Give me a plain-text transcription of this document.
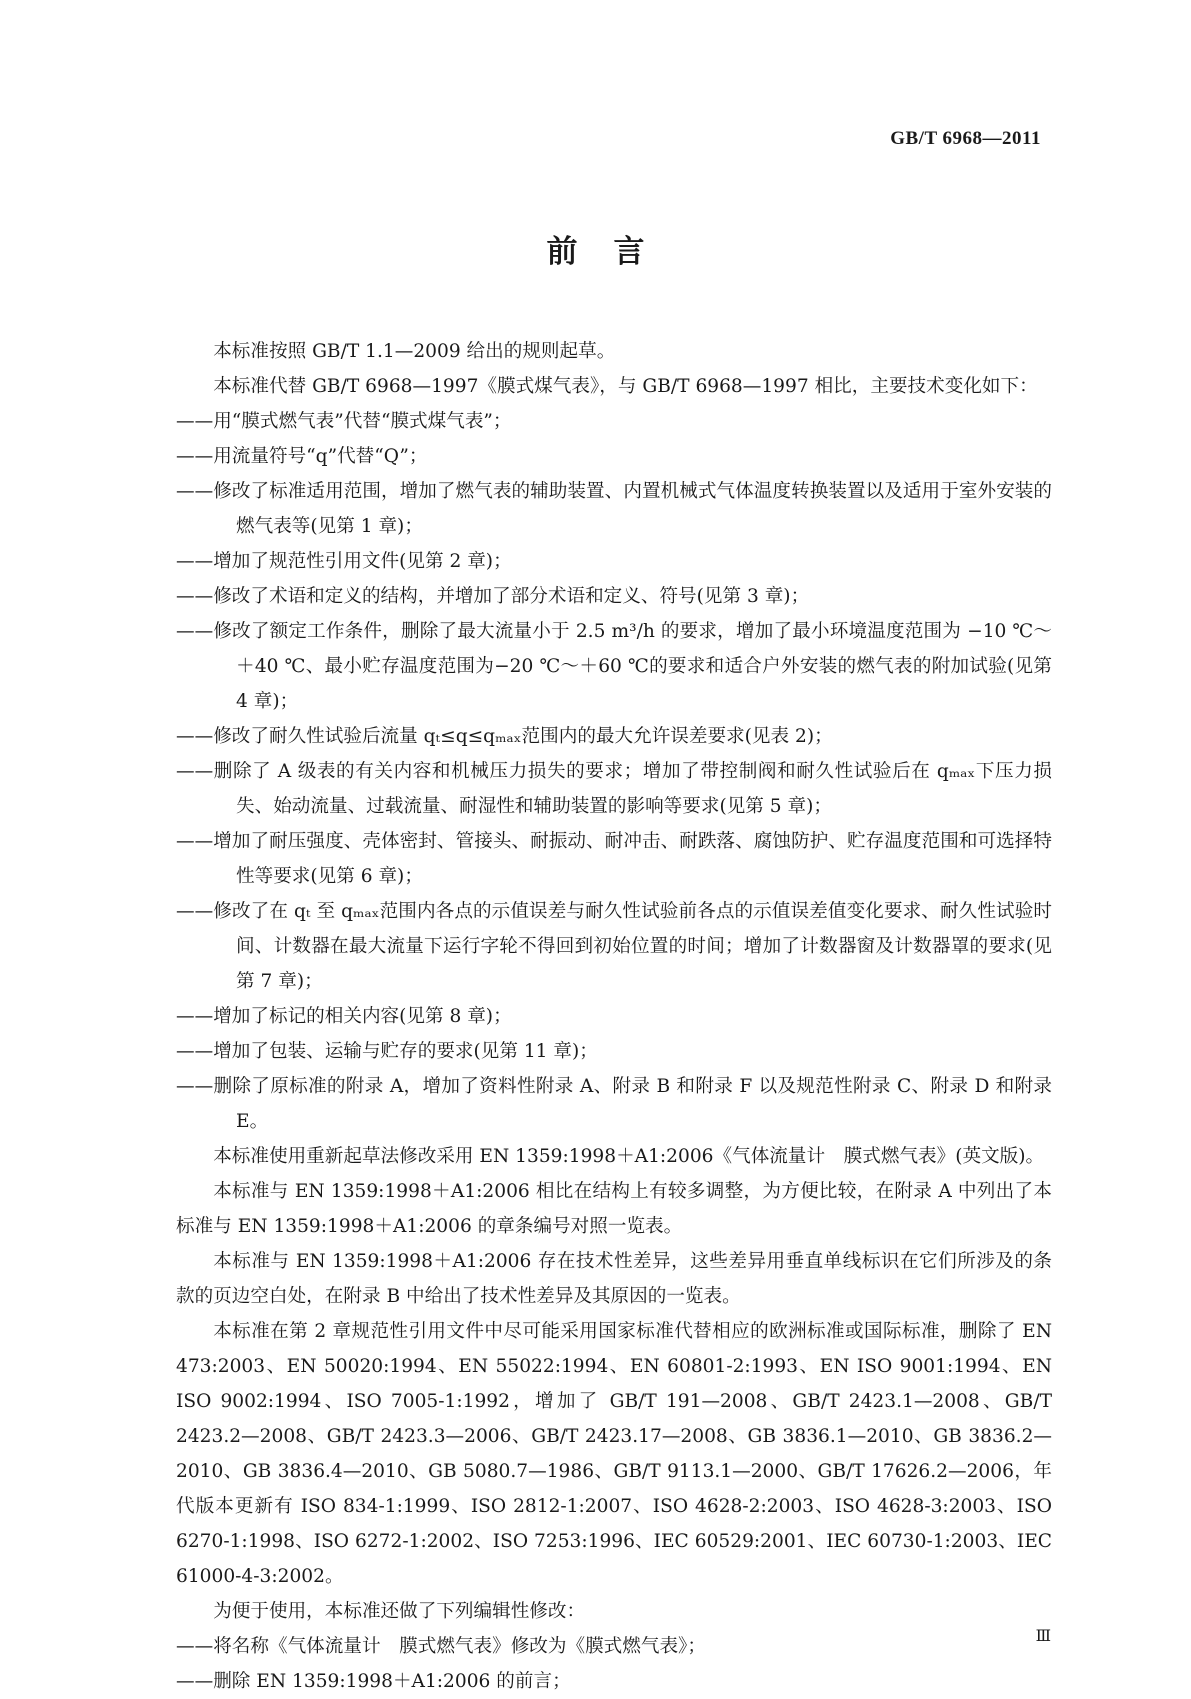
GB/T 6968—2011
前言

本标准按照 GB/T 1.1—2009 给出的规则起草。

本标准代替 GB/T 6968—1997《膜式煤气表》，与 GB/T 6968—1997 相比，主要技术变化如下：

——用“膜式燃气表”代替“膜式煤气表”；

——用流量符号“q”代替“Q”；

——修改了标准适用范围，增加了燃气表的辅助装置、内置机械式气体温度转换装置以及适用于室外安装的燃气表等(见第 1 章)；

——增加了规范性引用文件(见第 2 章)；

——修改了术语和定义的结构，并增加了部分术语和定义、符号(见第 3 章)；

——修改了额定工作条件，删除了最大流量小于 2.5 m³/h 的要求，增加了最小环境温度范围为 −10 ℃～＋40 ℃、最小贮存温度范围为−20 ℃～＋60 ℃的要求和适合户外安装的燃气表的附加试验(见第 4 章)；

——修改了耐久性试验后流量 qₜ≤q≤qₘₐₓ范围内的最大允许误差要求(见表 2)；

——删除了 A 级表的有关内容和机械压力损失的要求；增加了带控制阀和耐久性试验后在 qₘₐₓ下压力损失、始动流量、过载流量、耐湿性和辅助装置的影响等要求(见第 5 章)；

——增加了耐压强度、壳体密封、管接头、耐振动、耐冲击、耐跌落、腐蚀防护、贮存温度范围和可选择特性等要求(见第 6 章)；

——修改了在 qₜ 至 qₘₐₓ范围内各点的示值误差与耐久性试验前各点的示值误差值变化要求、耐久性试验时间、计数器在最大流量下运行字轮不得回到初始位置的时间；增加了计数器窗及计数器罩的要求(见第 7 章)；

——增加了标记的相关内容(见第 8 章)；

——增加了包装、运输与贮存的要求(见第 11 章)；

——删除了原标准的附录 A，增加了资料性附录 A、附录 B 和附录 F 以及规范性附录 C、附录 D 和附录 E。

本标准使用重新起草法修改采用 EN 1359:1998＋A1:2006《气体流量计　膜式燃气表》(英文版)。

本标准与 EN 1359:1998＋A1:2006 相比在结构上有较多调整，为方便比较，在附录 A 中列出了本标准与 EN 1359:1998＋A1:2006 的章条编号对照一览表。

本标准与 EN 1359:1998＋A1:2006 存在技术性差异，这些差异用垂直单线标识在它们所涉及的条款的页边空白处，在附录 B 中给出了技术性差异及其原因的一览表。

本标准在第 2 章规范性引用文件中尽可能采用国家标准代替相应的欧洲标准或国际标准，删除了 EN 473:2003、EN 50020:1994、EN 55022:1994、EN 60801-2:1993、EN ISO 9001:1994、EN ISO 9002:1994、ISO 7005-1:1992，增加了 GB/T 191—2008、GB/T 2423.1—2008、GB/T 2423.2—2008、GB/T 2423.3—2006、GB/T 2423.17—2008、GB 3836.1—2010、GB 3836.2—2010、GB 3836.4—2010、GB 5080.7—1986、GB/T 9113.1—2000、GB/T 17626.2—2006，年代版本更新有 ISO 834-1:1999、ISO 2812-1:2007、ISO 4628-2:2003、ISO 4628-3:2003、ISO 6270-1:1998、ISO 6272-1:2002、ISO 7253:1996、IEC 60529:2001、IEC 60730-1:2003、IEC 61000-4-3:2002。

为便于使用，本标准还做了下列编辑性修改：

——将名称《气体流量计　膜式燃气表》修改为《膜式燃气表》；

——删除 EN 1359:1998＋A1:2006 的前言；

Ⅲ
